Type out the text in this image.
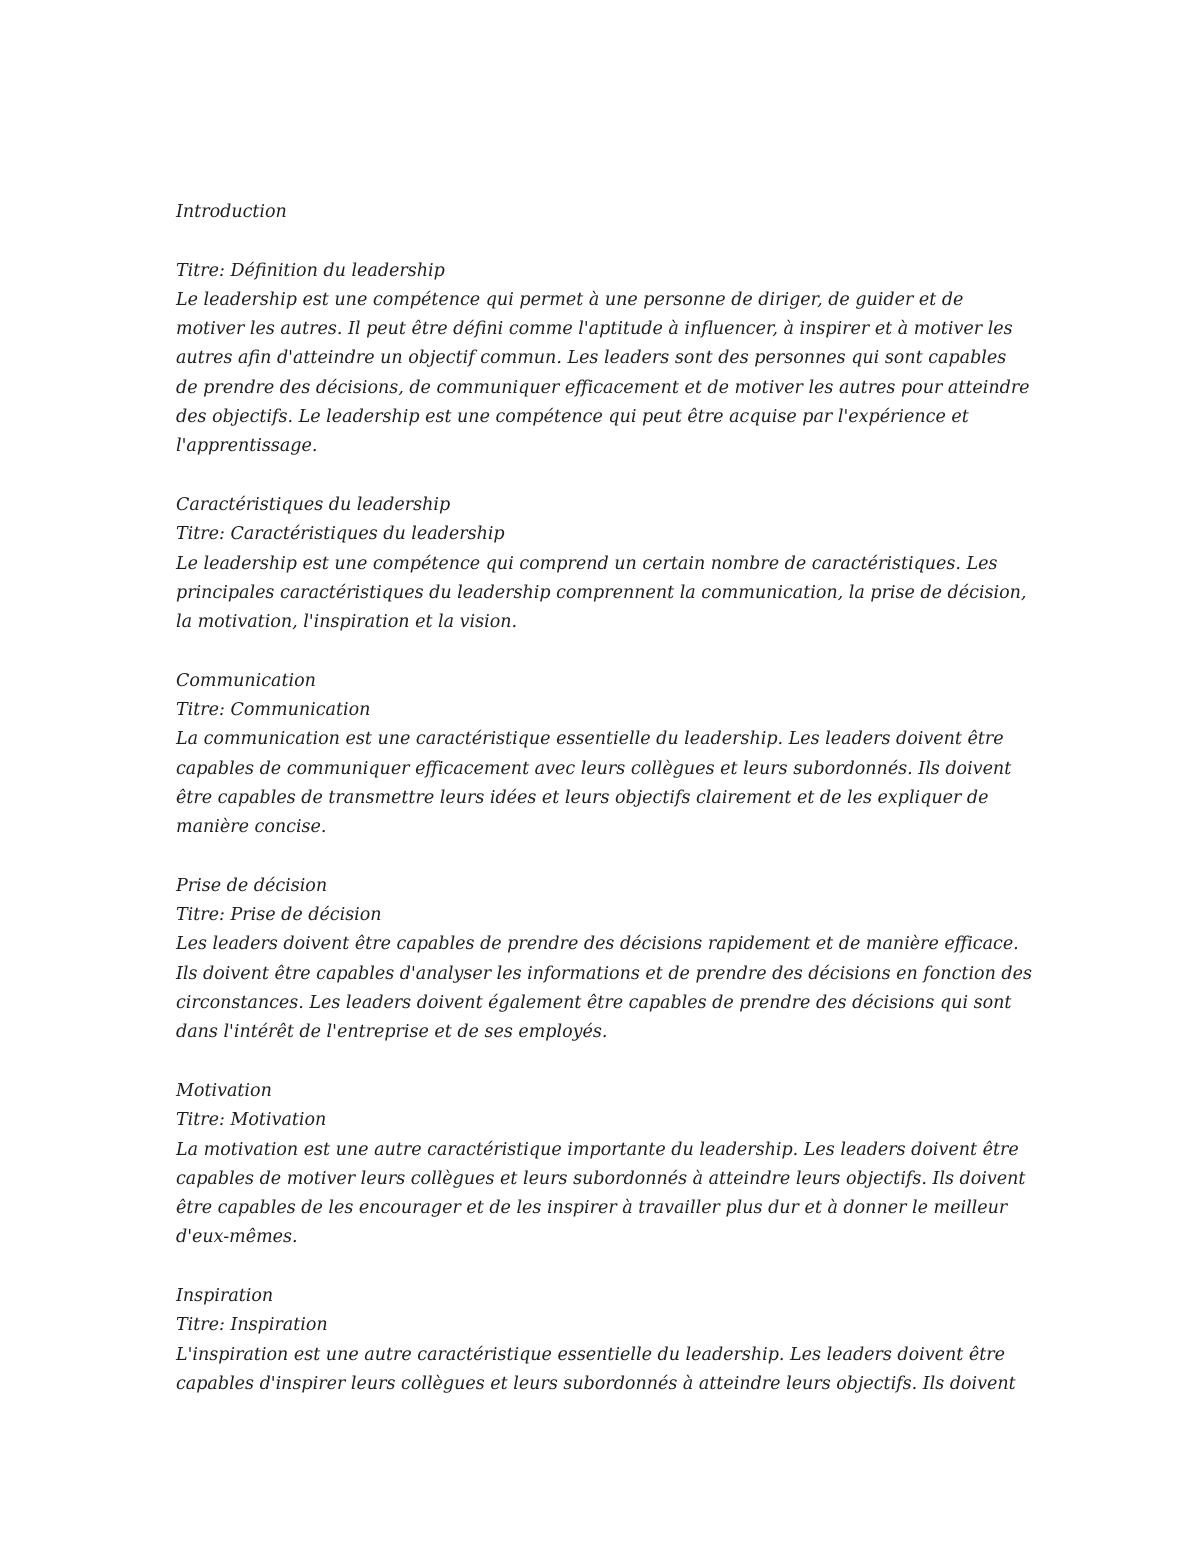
Introduction
Titre: Définition du leadership
Le leadership est une compétence qui permet à une personne de diriger, de guider et de
motiver les autres. Il peut être défini comme l'aptitude à influencer, à inspirer et à motiver les
autres afin d'atteindre un objectif commun. Les leaders sont des personnes qui sont capables
de prendre des décisions, de communiquer efficacement et de motiver les autres pour atteindre
des objectifs. Le leadership est une compétence qui peut être acquise par l'expérience et
l'apprentissage.
Caractéristiques du leadership
Titre: Caractéristiques du leadership
Le leadership est une compétence qui comprend un certain nombre de caractéristiques. Les
principales caractéristiques du leadership comprennent la communication, la prise de décision,
la motivation, l'inspiration et la vision.
Communication
Titre: Communication
La communication est une caractéristique essentielle du leadership. Les leaders doivent être
capables de communiquer efficacement avec leurs collègues et leurs subordonnés. Ils doivent
être capables de transmettre leurs idées et leurs objectifs clairement et de les expliquer de
manière concise.
Prise de décision
Titre: Prise de décision
Les leaders doivent être capables de prendre des décisions rapidement et de manière efficace.
Ils doivent être capables d'analyser les informations et de prendre des décisions en fonction des
circonstances. Les leaders doivent également être capables de prendre des décisions qui sont
dans l'intérêt de l'entreprise et de ses employés.
Motivation
Titre: Motivation
La motivation est une autre caractéristique importante du leadership. Les leaders doivent être
capables de motiver leurs collègues et leurs subordonnés à atteindre leurs objectifs. Ils doivent
être capables de les encourager et de les inspirer à travailler plus dur et à donner le meilleur
d'eux-mêmes.
Inspiration
Titre: Inspiration
L'inspiration est une autre caractéristique essentielle du leadership. Les leaders doivent être
capables d'inspirer leurs collègues et leurs subordonnés à atteindre leurs objectifs. Ils doivent
